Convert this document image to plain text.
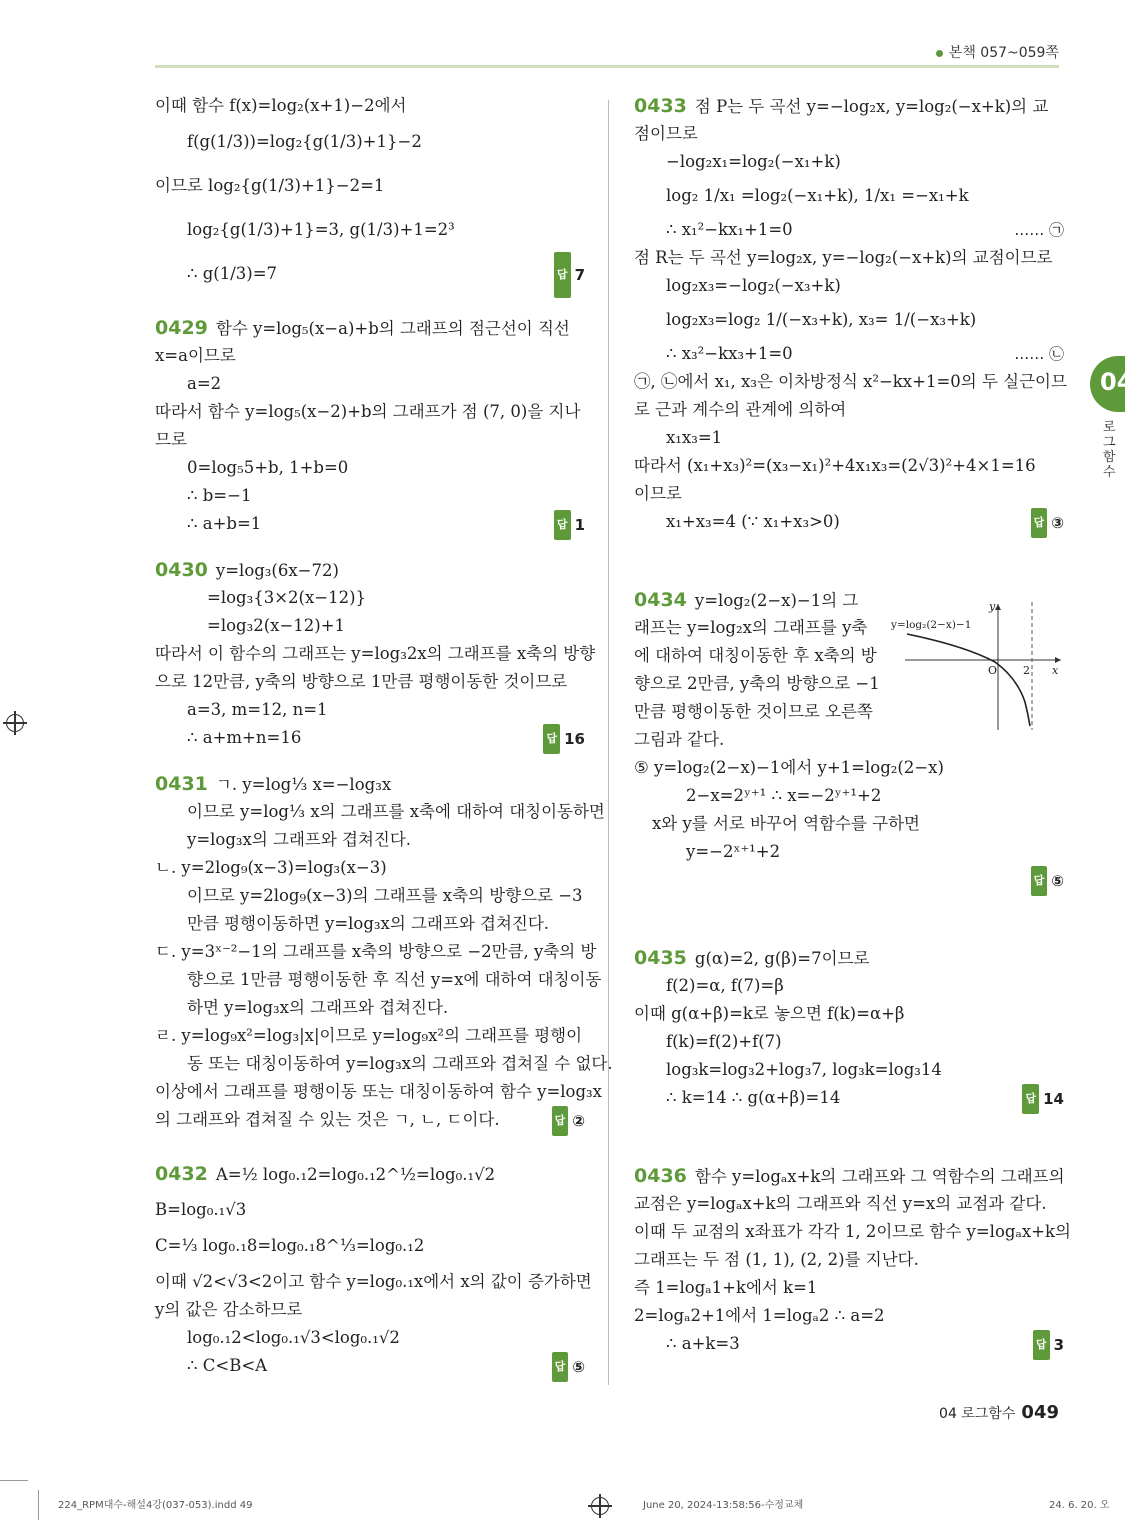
본책 057~059쪽
이때 함수 f(x)=log₂(x+1)−2에서
f(g(1/3))=log₂{g(1/3)+1}−2
이므로 log₂{g(1/3)+1}−2=1
log₂{g(1/3)+1}=3, g(1/3)+1=2³
∴ g(1/3)=7	답 7
0429 함수 y=log₅(x−a)+b의 그래프의 점근선이 직선
x=a이므로
a=2
따라서 함수 y=log₅(x−2)+b의 그래프가 점 (7, 0)을 지나
므로
0=log₅5+b, 1+b=0
∴ b=−1
∴ a+b=1	답 1
0430 y=log₃(6x−72)
=log₃{3×2(x−12)}
=log₃2(x−12)+1
따라서 이 함수의 그래프는 y=log₃2x의 그래프를 x축의 방향
으로 12만큼, y축의 방향으로 1만큼 평행이동한 것이므로
a=3, m=12, n=1
∴ a+m+n=16	답 16
0431 ㄱ. y=log⅓ x=−log₃x
이므로 y=log⅓ x의 그래프를 x축에 대하여 대칭이동하면
y=log₃x의 그래프와 겹쳐진다.
ㄴ. y=2log₉(x−3)=log₃(x−3)
이므로 y=2log₉(x−3)의 그래프를 x축의 방향으로 −3
만큼 평행이동하면 y=log₃x의 그래프와 겹쳐진다.
ㄷ. y=3ˣ⁻²−1의 그래프를 x축의 방향으로 −2만큼, y축의 방
향으로 1만큼 평행이동한 후 직선 y=x에 대하여 대칭이동
하면 y=log₃x의 그래프와 겹쳐진다.
ㄹ. y=log₉x²=log₃|x|이므로 y=log₉x²의 그래프를 평행이
동 또는 대칭이동하여 y=log₃x의 그래프와 겹쳐질 수 없다.
이상에서 그래프를 평행이동 또는 대칭이동하여 함수 y=log₃x
의 그래프와 겹쳐질 수 있는 것은 ㄱ, ㄴ, ㄷ이다.	답 ②
0432 A=½ log₀.₁2=log₀.₁2^½=log₀.₁√2
B=log₀.₁√3
C=⅓ log₀.₁8=log₀.₁8^⅓=log₀.₁2
이때 √2<√3<2이고 함수 y=log₀.₁x에서 x의 값이 증가하면
y의 값은 감소하므로
log₀.₁2<log₀.₁√3<log₀.₁√2
∴ C<B<A	답 ⑤
0433 점 P는 두 곡선 y=−log₂x, y=log₂(−x+k)의 교
점이므로
−log₂x₁=log₂(−x₁+k)
log₂ 1/x₁ =log₂(−x₁+k), 1/x₁ =−x₁+k
∴ x₁²−kx₁+1=0	…… ㉠
점 R는 두 곡선 y=log₂x, y=−log₂(−x+k)의 교점이므로
log₂x₃=−log₂(−x₃+k)
log₂x₃=log₂ 1/(−x₃+k), x₃= 1/(−x₃+k)
∴ x₃²−kx₃+1=0	…… ㉡
㉠, ㉡에서 x₁, x₃은 이차방정식 x²−kx+1=0의 두 실근이므
로 근과 계수의 관계에 의하여
x₁x₃=1
따라서 (x₁+x₃)²=(x₃−x₁)²+4x₁x₃=(2√3)²+4×1=16
이므로
x₁+x₃=4 (∵ x₁+x₃>0)	답 ③
0434 y=log₂(2−x)−1의 그
래프는 y=log₂x의 그래프를 y축
에 대하여 대칭이동한 후 x축의 방
향으로 2만큼, y축의 방향으로 −1
만큼 평행이동한 것이므로 오른쪽
그림과 같다.
⑤ y=log₂(2−x)−1에서 y+1=log₂(2−x)
2−x=2ʸ⁺¹ ∴ x=−2ʸ⁺¹+2
x와 y를 서로 바꾸어 역함수를 구하면
y=−2ˣ⁺¹+2
답 ⑤
0435 g(α)=2, g(β)=7이므로
f(2)=α, f(7)=β
이때 g(α+β)=k로 놓으면 f(k)=α+β
f(k)=f(2)+f(7)
log₃k=log₃2+log₃7, log₃k=log₃14
∴ k=14 ∴ g(α+β)=14	답 14
0436 함수 y=logₐx+k의 그래프와 그 역함수의 그래프의
교점은 y=logₐx+k의 그래프와 직선 y=x의 교점과 같다.
이때 두 교점의 x좌표가 각각 1, 2이므로 함수 y=logₐx+k의
그래프는 두 점 (1, 1), (2, 2)를 지난다.
즉 1=logₐ1+k에서 k=1
2=logₐ2+1에서 1=logₐ2 ∴ a=2
∴ a+k=3	답 3
y=log₂(2−x)−1
y
x
O 2
04
로그함수
04 로그함수 049
224_RPM대수-해설4강(037-053).indd 49	June 20, 2024-13:58:56-수정교체	24. 6. 20. 오
